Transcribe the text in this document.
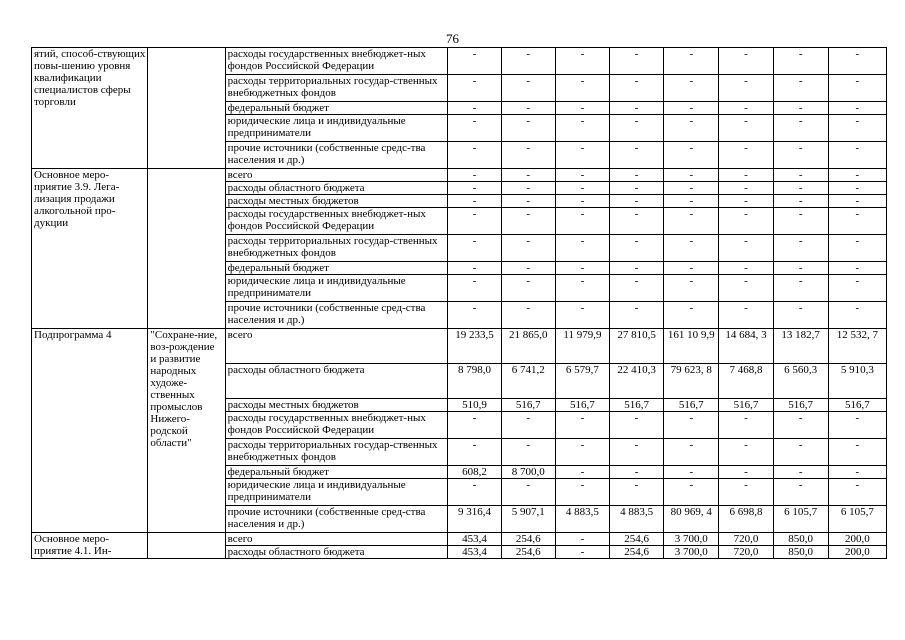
76
ятий, способ-ствующих повы-шению уровня квалификации специалистов сферы торговли		расходы государственных внебюджет-ных фондов Российской Федерации	-	-	-	-	-	-	-	-
		расходы территориальных государ-ственных внебюджетных фондов	-	-	-	-	-	-	-	-
		федеральный бюджет	-	-	-	-	-	-	-	-
		юридические лица и индивидуальные предприниматели	-	-	-	-	-	-	-	-
		прочие источники (собственные средс-тва населения и др.)	-	-	-	-	-	-	-	-
Основное меро-приятие 3.9. Лега-лизация продажи алкогольной про-дукции		всего	-	-	-	-	-	-	-	-
		расходы областного бюджета	-	-	-	-	-	-	-	-
		расходы местных бюджетов	-	-	-	-	-	-	-	-
		расходы государственных внебюджет-ных фондов Российской Федерации	-	-	-	-	-	-	-	-
		расходы территориальных государ-ственных внебюджетных фондов	-	-	-	-	-	-	-	-
		федеральный бюджет	-	-	-	-	-	-	-	-
		юридические лица и индивидуальные предприниматели	-	-	-	-	-	-	-	-
		прочие источники (собственные сред-ства населения и др.)	-	-	-	-	-	-	-	-
Подпрограмма 4	"Сохране-ние, воз-рождение и развитие народных художе-ственных промыслов Нижего-родской области"	всего	19 233,5	21 865,0	11 979,9	27 810,5	161 10 9,9	14 684, 3	13 182,7	12 532, 7
		расходы областного бюджета	8 798,0	6 741,2	6 579,7	22 410,3	79 623, 8	7 468,8	6 560,3	5 910,3
		расходы местных бюджетов	510,9	516,7	516,7	516,7	516,7	516,7	516,7	516,7
		расходы государственных внебюджет-ных фондов Российской Федерации	-	-	-	-	-	-	-	-
		расходы территориальных государ-ственных внебюджетных фондов	-	-	-	-	-	-	-	-
		федеральный бюджет	608,2	8 700,0	-	-	-	-	-	-
		юридические лица и индивидуальные предприниматели	-	-	-	-	-	-	-	-
		прочие источники (собственные сред-ства населения и др.)	9 316,4	5 907,1	4 883,5	4 883,5	80 969, 4	6 698,8	6 105,7	6 105,7
Основное меро-приятие 4.1. Ин-		всего	453,4	254,6	-	254,6	3 700,0	720,0	850,0	200,0
		расходы областного бюджета	453,4	254,6	-	254,6	3 700,0	720,0	850,0	200,0
